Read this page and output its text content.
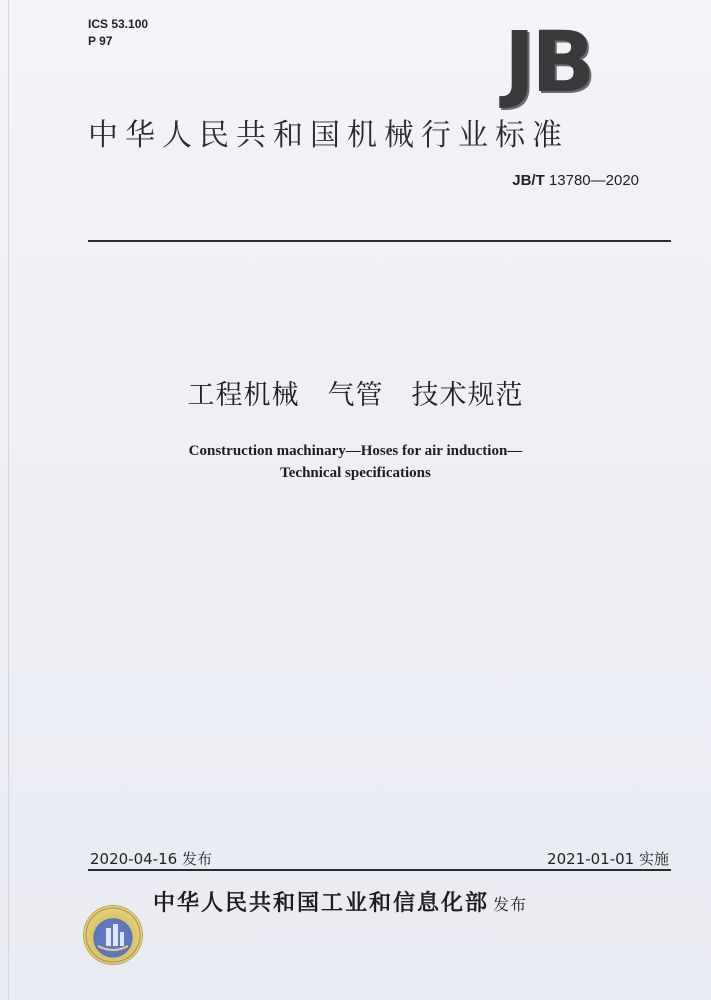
ICS 53.100
P 97	JB
中华人民共和国机械行业标准
JB/T 13780—2020
工程机械　气管　技术规范
Construction machinary—Hoses for air induction—
Technical specifications
2020-04-16 发布	2021-01-01 实施
中华人民共和国工业和信息化部 发布
